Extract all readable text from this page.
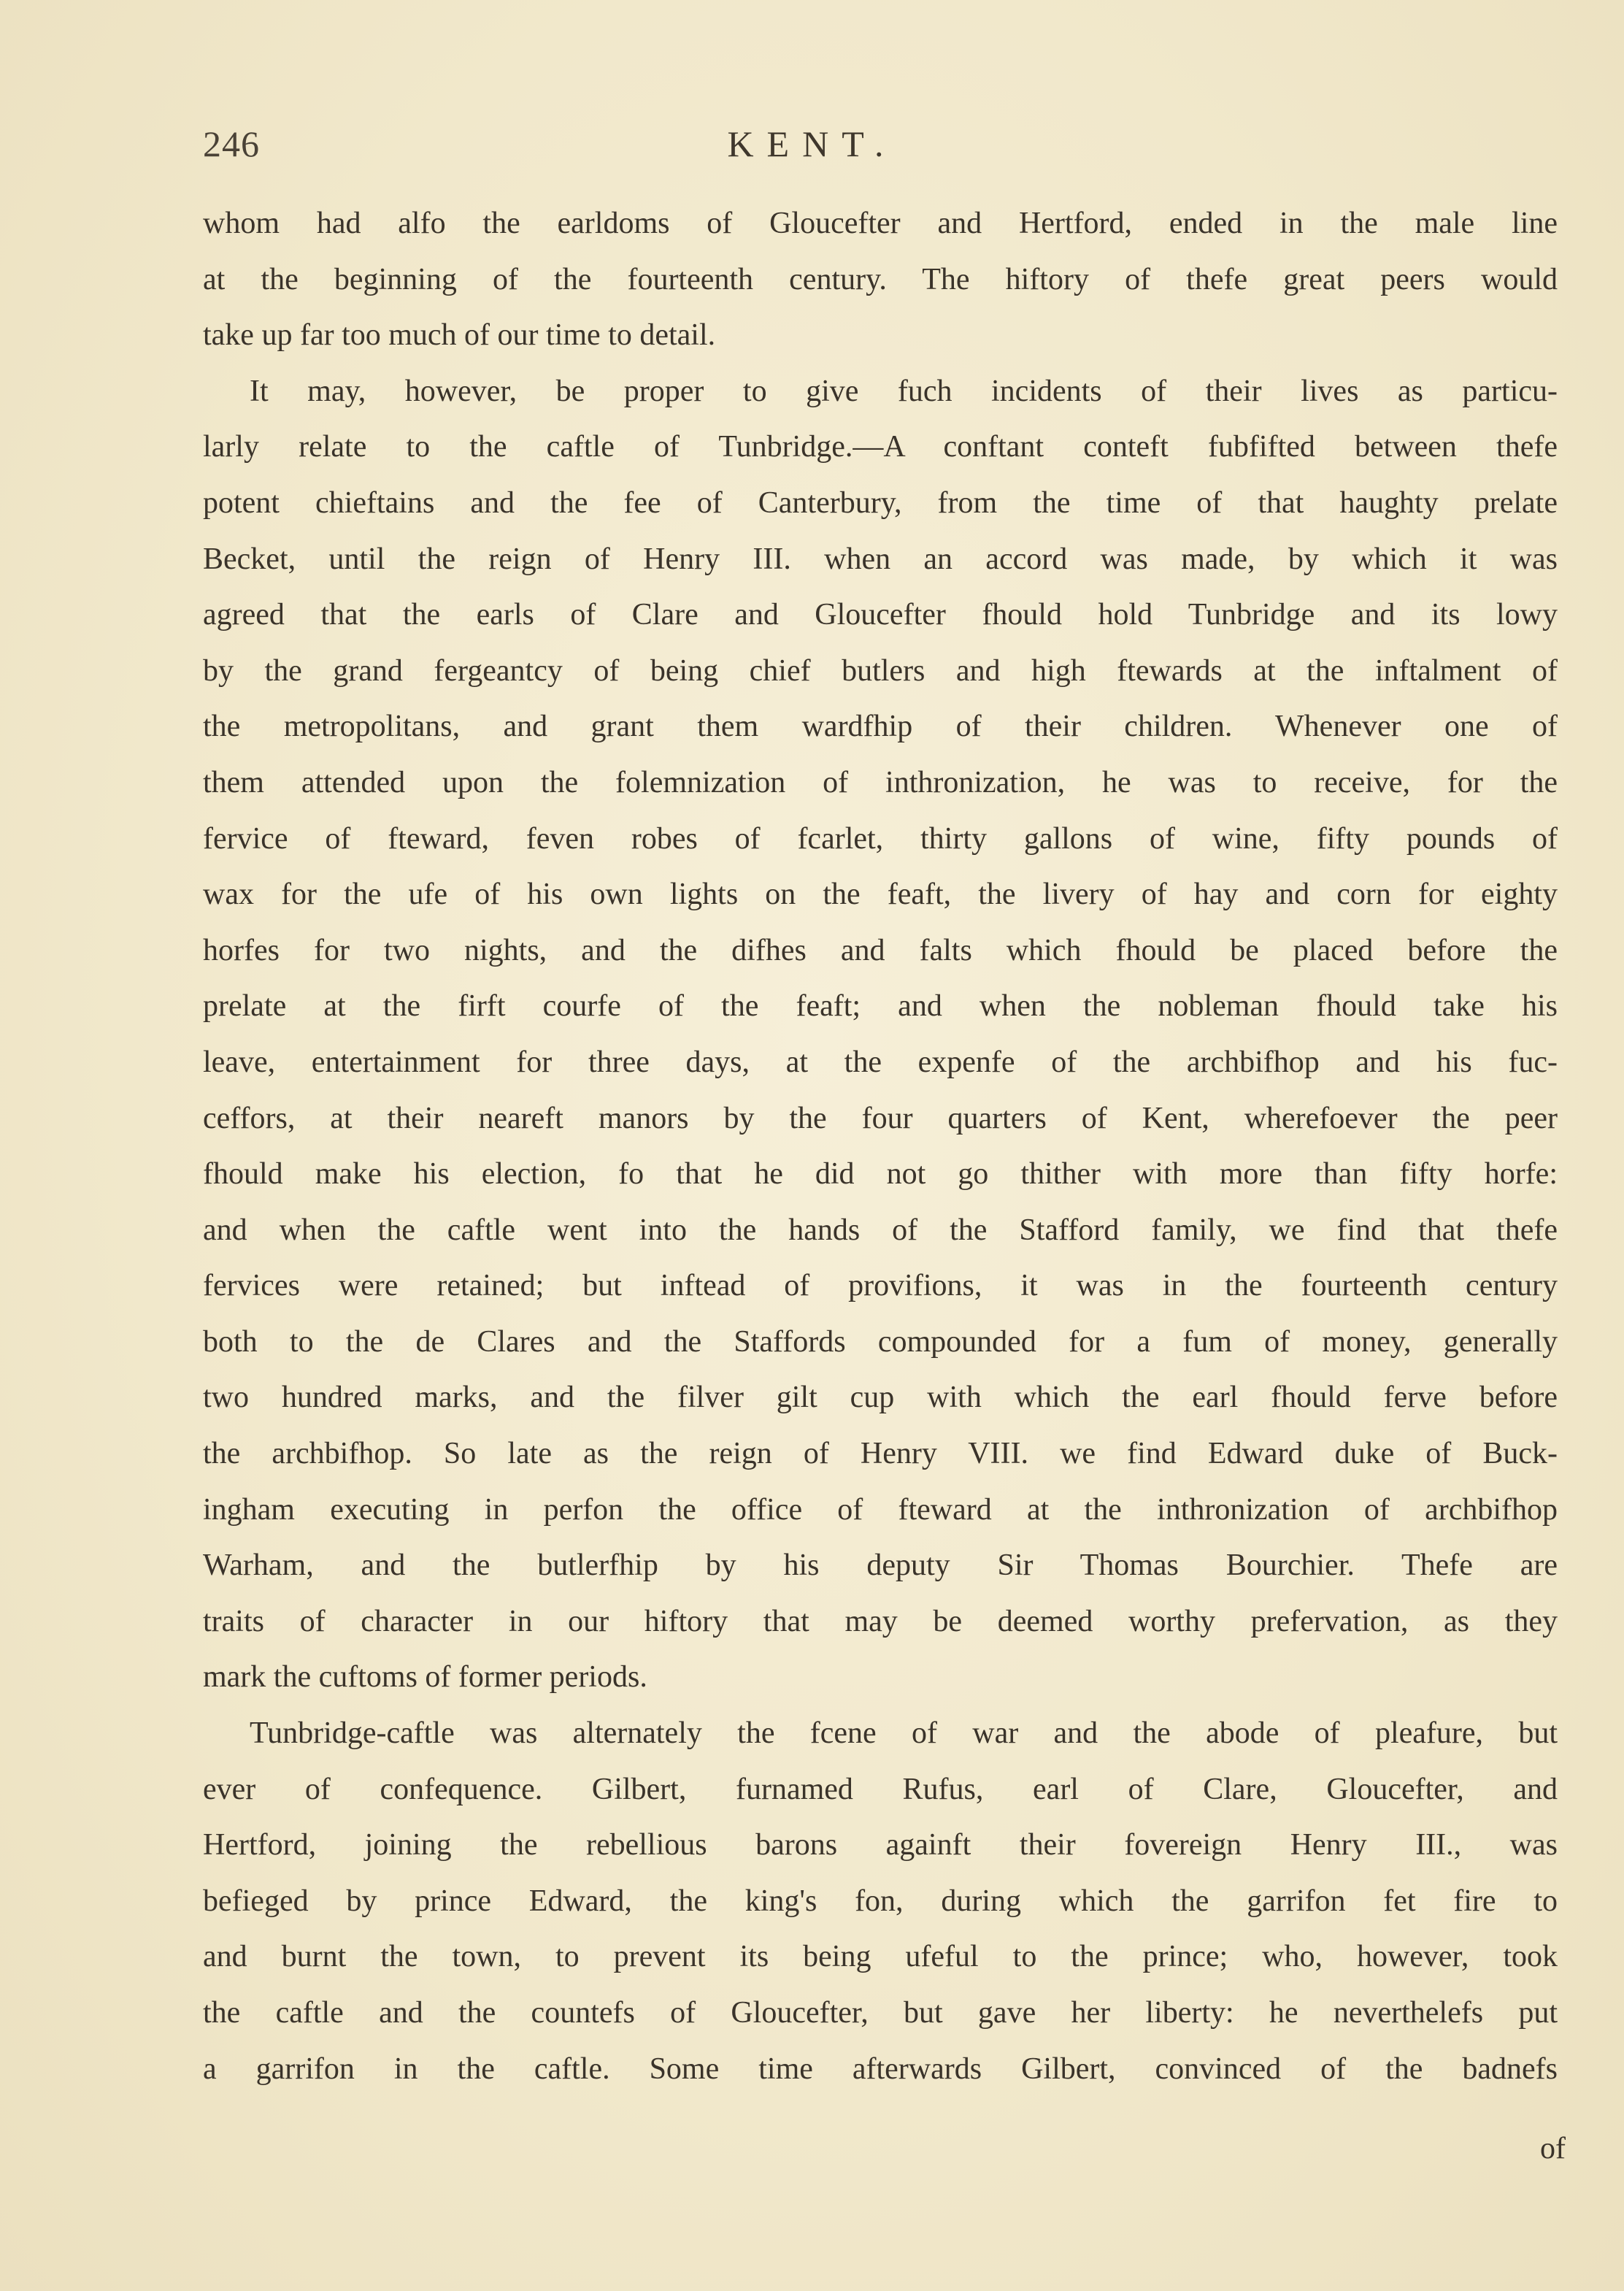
246	KENT.
whom had alfo the earldoms of Gloucefter and Hertford, ended in the male line
at the beginning of the fourteenth century. The hiftory of thefe great peers would
take up far too much of our time to detail.
It may, however, be proper to give fuch incidents of their lives as particu-
larly relate to the caftle of Tunbridge.—A conftant conteft fubfifted between thefe
potent chieftains and the fee of Canterbury, from the time of that haughty prelate
Becket, until the reign of Henry III. when an accord was made, by which it was
agreed that the earls of Clare and Gloucefter fhould hold Tunbridge and its lowy
by the grand fergeantcy of being chief butlers and high ftewards at the inftalment of
the metropolitans, and grant them wardfhip of their children. Whenever one of
them attended upon the folemnization of inthronization, he was to receive, for the
fervice of fteward, feven robes of fcarlet, thirty gallons of wine, fifty pounds of
wax for the ufe of his own lights on the feaft, the livery of hay and corn for eighty
horfes for two nights, and the difhes and falts which fhould be placed before the
prelate at the firft courfe of the feaft; and when the nobleman fhould take his
leave, entertainment for three days, at the expenfe of the archbifhop and his fuc-
ceffors, at their neareft manors by the four quarters of Kent, wherefoever the peer
fhould make his election, fo that he did not go thither with more than fifty horfe:
and when the caftle went into the hands of the Stafford family, we find that thefe
fervices were retained; but inftead of provifions, it was in the fourteenth century
both to the de Clares and the Staffords compounded for a fum of money, generally
two hundred marks, and the filver gilt cup with which the earl fhould ferve before
the archbifhop. So late as the reign of Henry VIII. we find Edward duke of Buck-
ingham executing in perfon the office of fteward at the inthronization of archbifhop
Warham, and the butlerfhip by his deputy Sir Thomas Bourchier. Thefe are
traits of character in our hiftory that may be deemed worthy prefervation, as they
mark the cuftoms of former periods.
Tunbridge-caftle was alternately the fcene of war and the abode of pleafure, but
ever of confequence. Gilbert, furnamed Rufus, earl of Clare, Gloucefter, and
Hertford, joining the rebellious barons againft their fovereign Henry III., was
befieged by prince Edward, the king's fon, during which the garrifon fet fire to
and burnt the town, to prevent its being ufeful to the prince; who, however, took
the caftle and the countefs of Gloucefter, but gave her liberty: he neverthelefs put
a garrifon in the caftle. Some time afterwards Gilbert, convinced of the badnefs
of
